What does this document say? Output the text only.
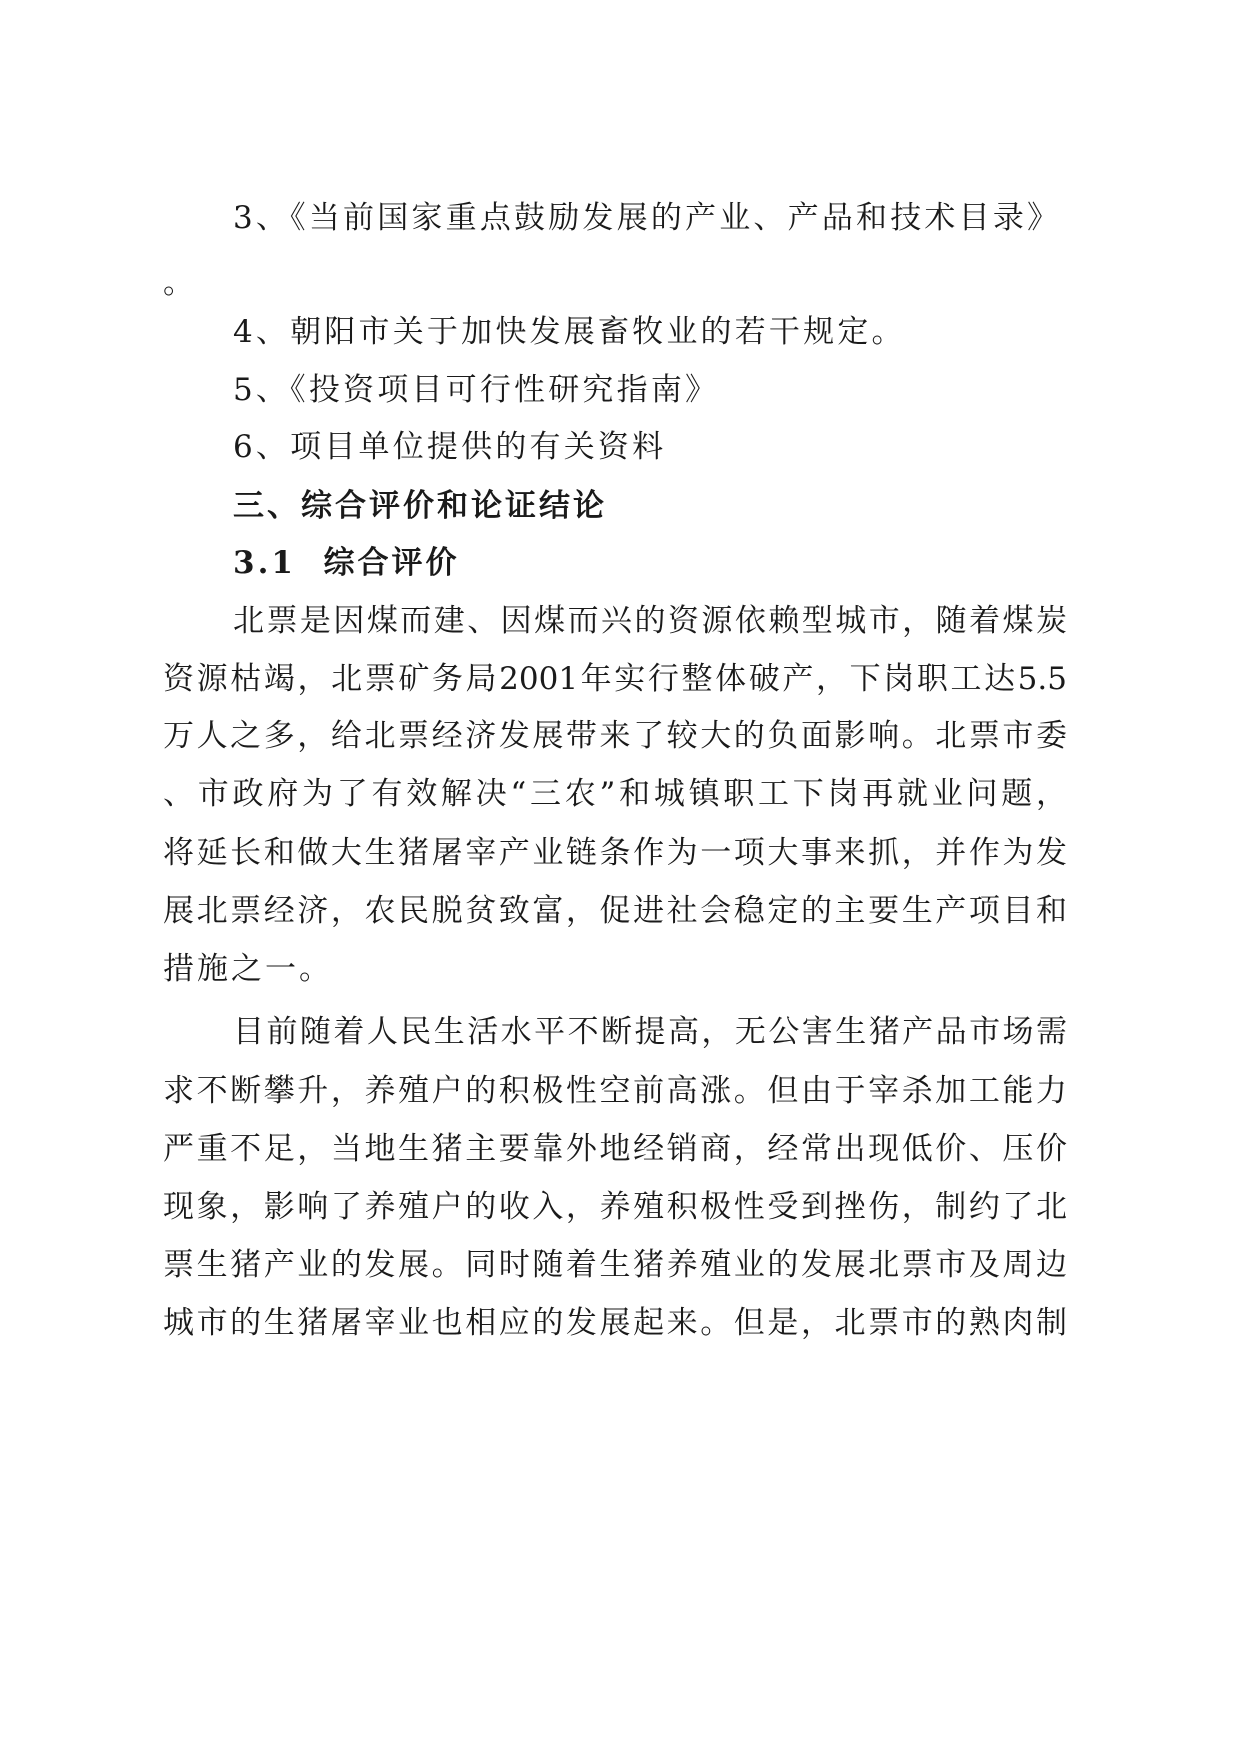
3、《当前国家重点鼓励发展的产业、产品和技术目录》
。
4、朝阳市关于加快发展畜牧业的若干规定。
5、《投资项目可行性研究指南》
6、项目单位提供的有关资料
三、综合评价和论证结论
3.1  综合评价
北票是因煤而建、因煤而兴的资源依赖型城市，随着煤炭
资源枯竭，北票矿务局2001年实行整体破产，下岗职工达5.5
万人之多，给北票经济发展带来了较大的负面影响。北票市委
、市政府为了有效解决“三农”和城镇职工下岗再就业问题，
将延长和做大生猪屠宰产业链条作为一项大事来抓，并作为发
展北票经济，农民脱贫致富，促进社会稳定的主要生产项目和
措施之一。
目前随着人民生活水平不断提高，无公害生猪产品市场需
求不断攀升，养殖户的积极性空前高涨。但由于宰杀加工能力
严重不足，当地生猪主要靠外地经销商，经常出现低价、压价
现象，影响了养殖户的收入，养殖积极性受到挫伤，制约了北
票生猪产业的发展。同时随着生猪养殖业的发展北票市及周边
城市的生猪屠宰业也相应的发展起来。但是，北票市的熟肉制
